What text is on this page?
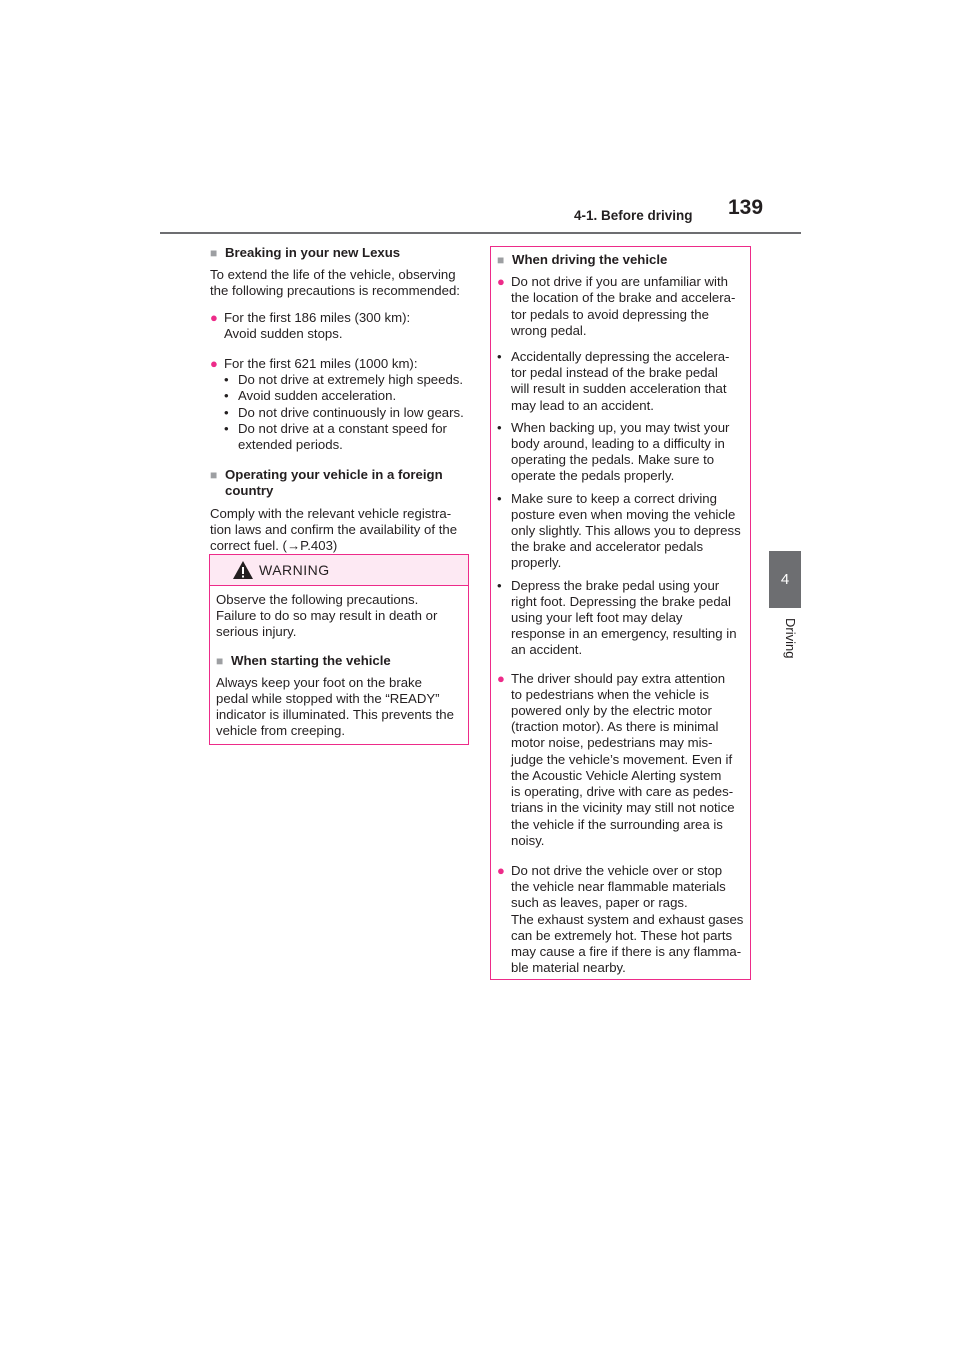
4-1. Before driving 139
4
Driving
■ Breaking in your new Lexus
To extend the life of the vehicle, observing
the following precautions is recommended:
● For the first 186 miles (300 km):
Avoid sudden stops.
● For the first 621 miles (1000 km):
• Do not drive at extremely high speeds.
• Avoid sudden acceleration.
• Do not drive continuously in low gears.
• Do not drive at a constant speed for
extended periods.
■ Operating your vehicle in a foreign
country
Comply with the relevant vehicle registra-
tion laws and confirm the availability of the
correct fuel. (→P.403)
WARNING
Observe the following precautions.
Failure to do so may result in death or
serious injury.
■ When starting the vehicle
Always keep your foot on the brake
pedal while stopped with the “READY”
indicator is illuminated. This prevents the
vehicle from creeping.
■ When driving the vehicle
● Do not drive if you are unfamiliar with
the location of the brake and accelera-
tor pedals to avoid depressing the
wrong pedal.
• Accidentally depressing the accelera-
tor pedal instead of the brake pedal
will result in sudden acceleration that
may lead to an accident.
• When backing up, you may twist your
body around, leading to a difficulty in
operating the pedals. Make sure to
operate the pedals properly.
• Make sure to keep a correct driving
posture even when moving the vehicle
only slightly. This allows you to depress
the brake and accelerator pedals
properly.
• Depress the brake pedal using your
right foot. Depressing the brake pedal
using your left foot may delay
response in an emergency, resulting in
an accident.
● The driver should pay extra attention
to pedestrians when the vehicle is
powered only by the electric motor
(traction motor). As there is minimal
motor noise, pedestrians may mis-
judge the vehicle’s movement. Even if
the Acoustic Vehicle Alerting system
is operating, drive with care as pedes-
trians in the vicinity may still not notice
the vehicle if the surrounding area is
noisy.
● Do not drive the vehicle over or stop
the vehicle near flammable materials
such as leaves, paper or rags.
The exhaust system and exhaust gases
can be extremely hot. These hot parts
may cause a fire if there is any flamma-
ble material nearby.
